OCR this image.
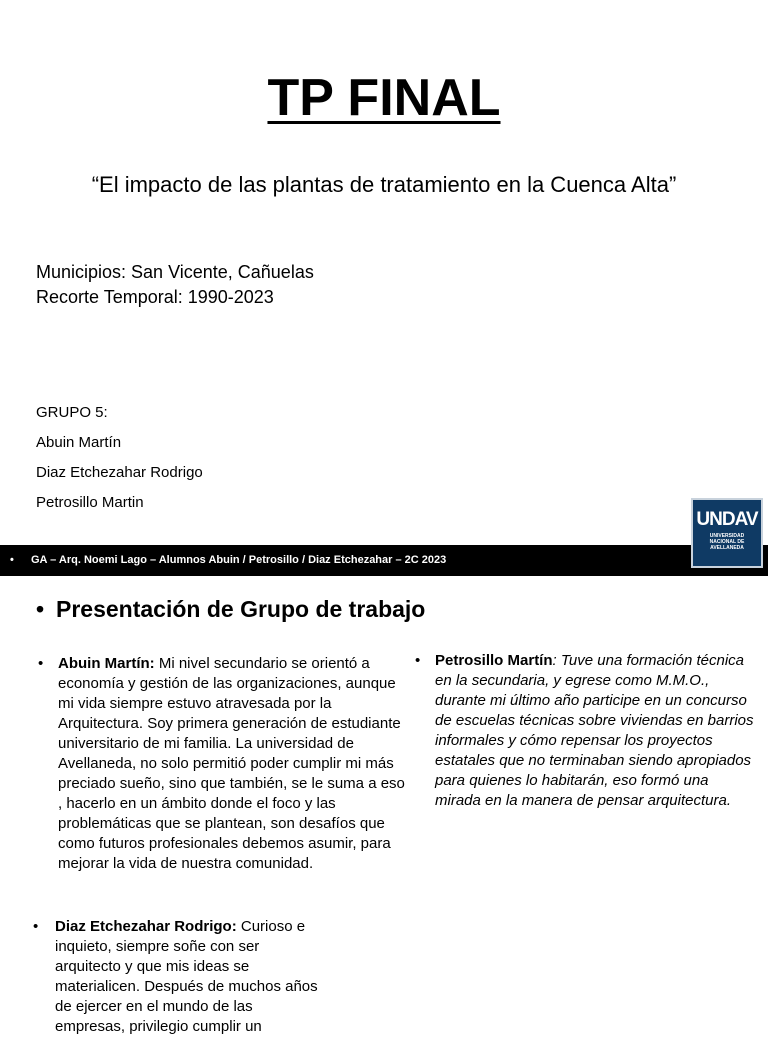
TP FINAL
“El impacto de las plantas de tratamiento en la Cuenca Alta”
Municipios: San Vicente, Cañuelas
Recorte Temporal: 1990-2023
GRUPO 5:
Abuin Martín
Diaz Etchezahar Rodrigo
Petrosillo Martin
• GA – Arq. Noemi Lago – Alumnos Abuin / Petrosillo / Diaz Etchezahar – 2C 2023
UNDAV
UNIVERSIDAD
NACIONAL DE
AVELLANEDA
• Presentación de Grupo de trabajo
• Abuin Martín: Mi nivel secundario se orientó a economía y gestión de las organizaciones, aunque mi vida siempre estuvo atravesada por la Arquitectura. Soy primera generación de estudiante universitario de mi familia. La universidad de Avellaneda, no solo permitió poder cumplir mi más preciado sueño, sino que también, se le suma a eso , hacerlo en un ámbito donde el foco y las problemáticas que se plantean, son desafíos que como futuros profesionales debemos asumir, para mejorar la vida de nuestra comunidad.
• Petrosillo Martín: Tuve una formación técnica en la secundaria, y egrese como M.M.O., durante mi último año participe en un concurso de escuelas técnicas sobre viviendas en barrios informales y cómo repensar los proyectos estatales que no terminaban siendo apropiados para quienes lo habitarán, eso formó una mirada en la manera de pensar arquitectura.
• Diaz Etchezahar Rodrigo: Curioso e inquieto, siempre soñe con ser arquitecto y que mis ideas se materialicen. Después de muchos años de ejercer en el mundo de las empresas, privilegio cumplir un
